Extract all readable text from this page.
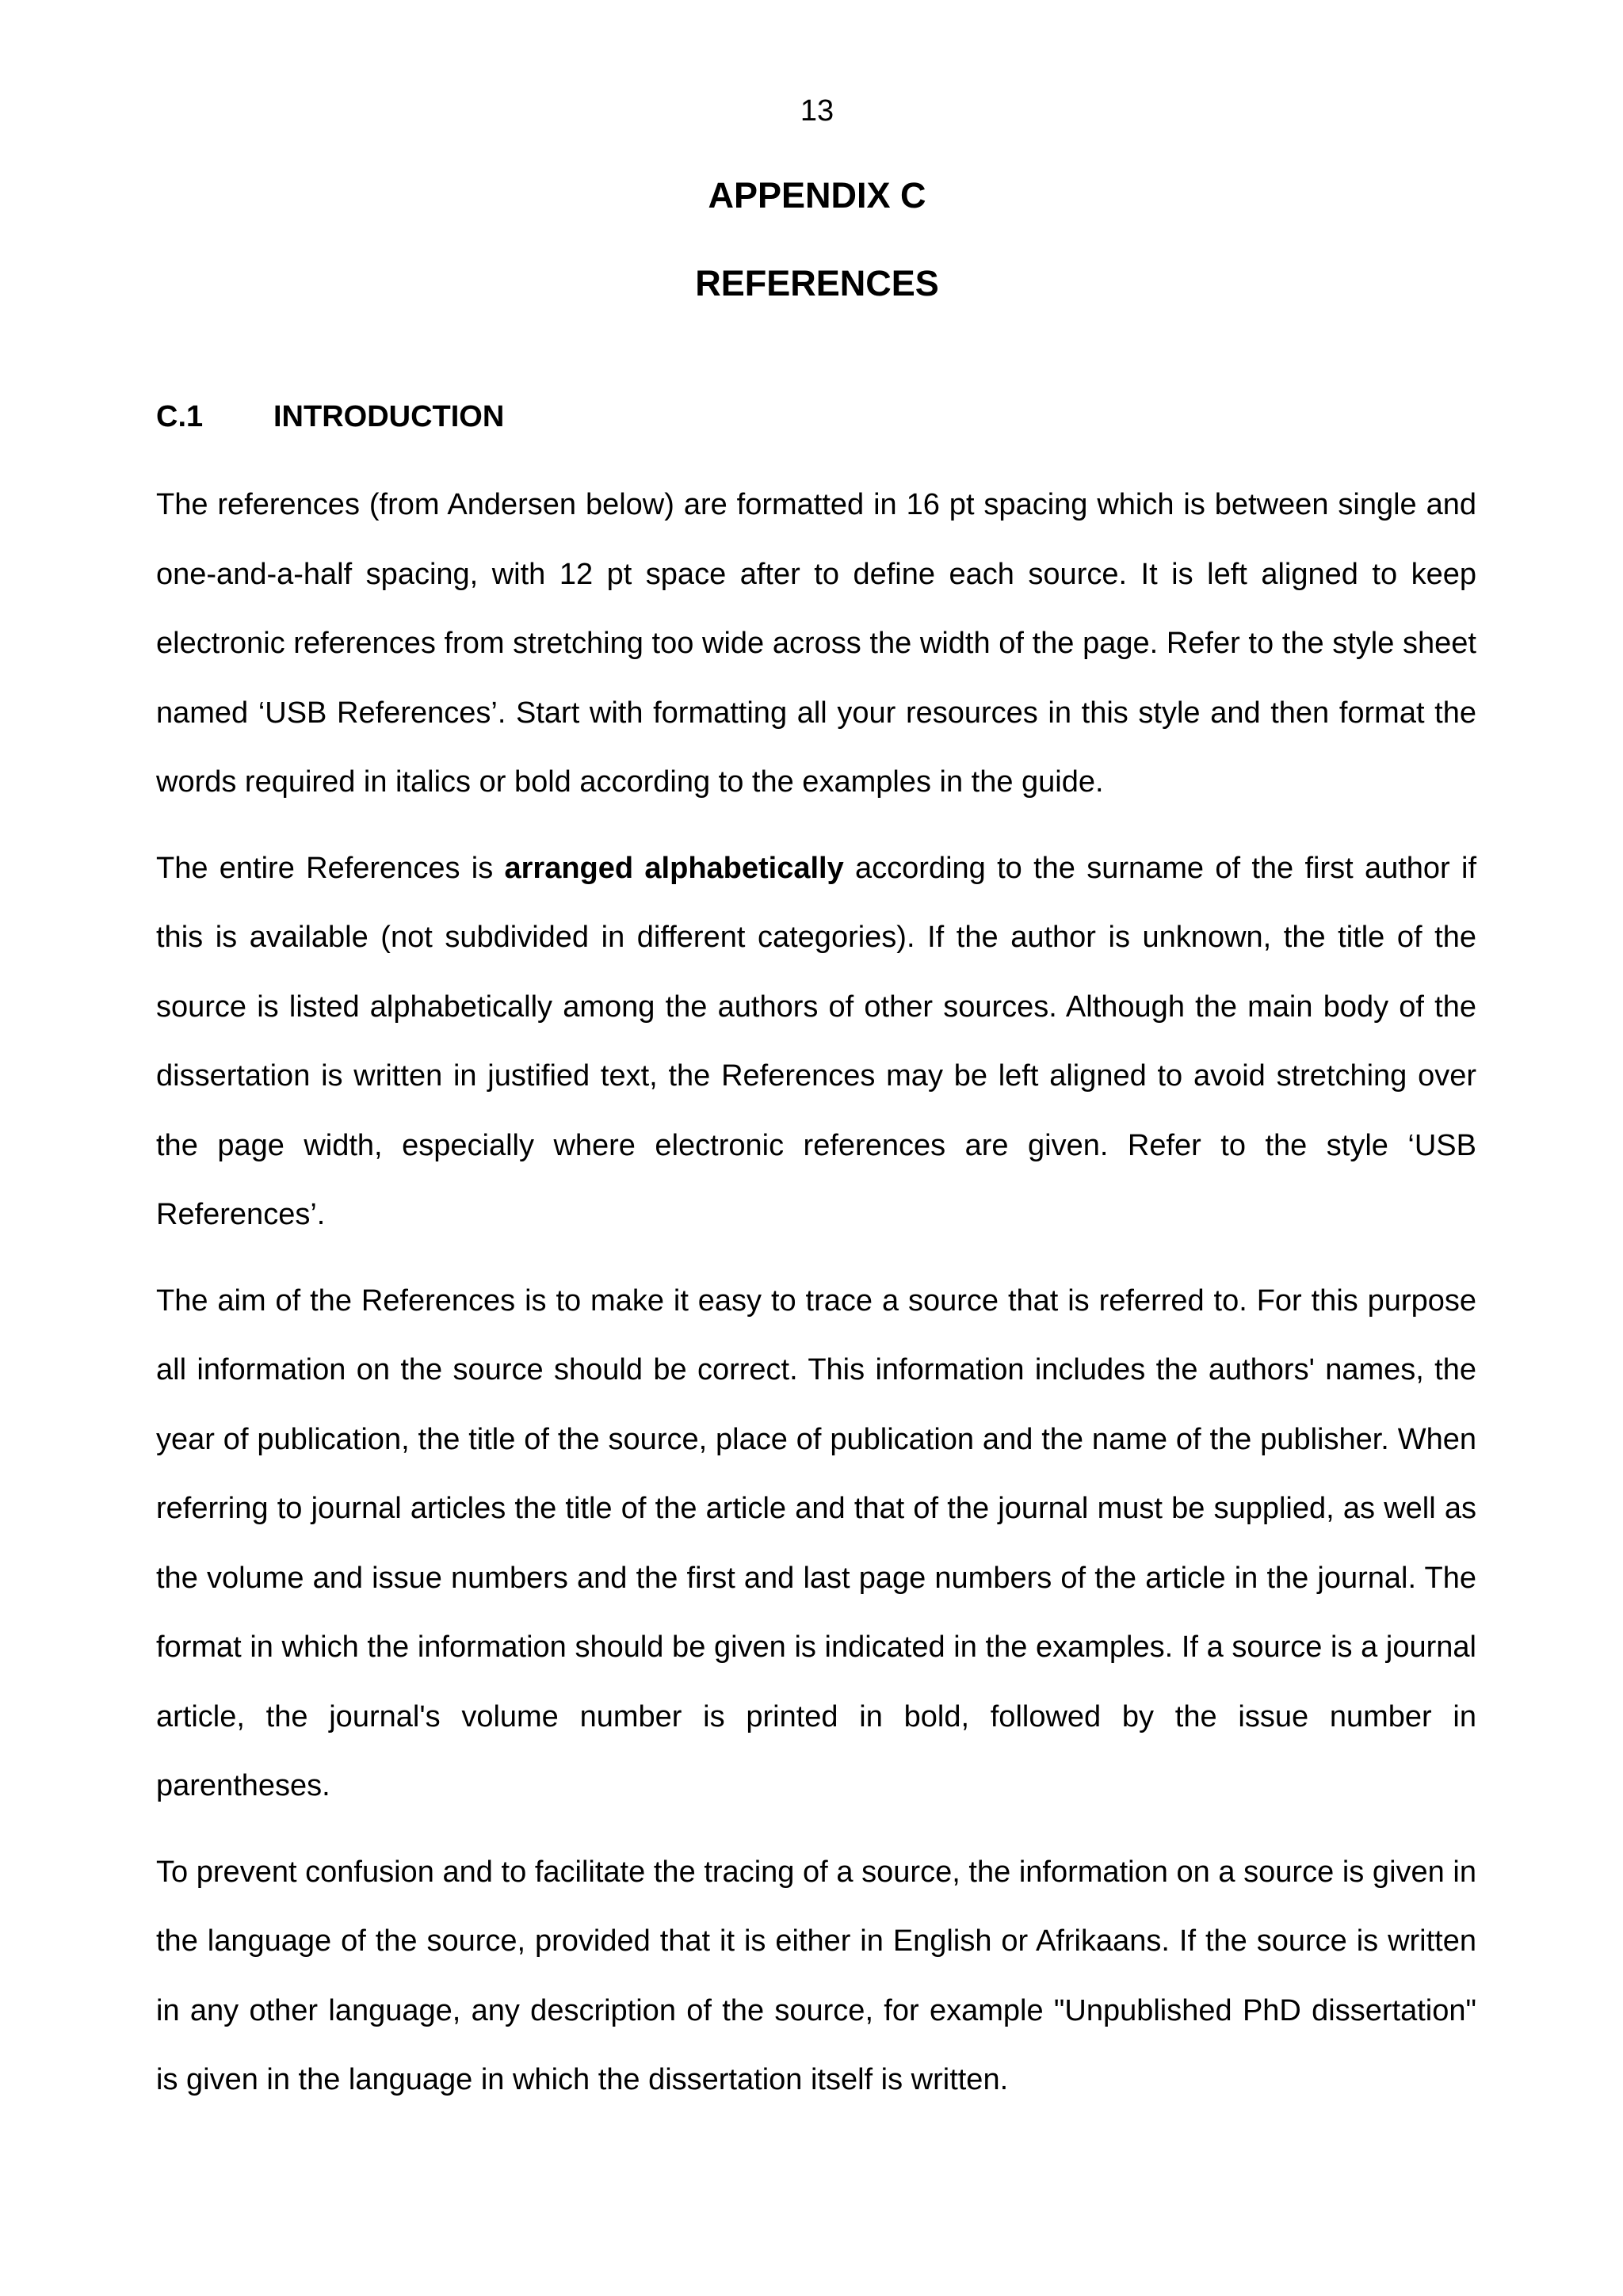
13
APPENDIX C
REFERENCES
C.1 INTRODUCTION

The references (from Andersen below) are formatted in 16 pt spacing which is between single and one-and-a-half spacing, with 12 pt space after to define each source. It is left aligned to keep electronic references from stretching too wide across the width of the page. Refer to the style sheet named ‘USB References’. Start with formatting all your resources in this style and then format the words required in italics or bold according to the examples in the guide.

The entire References is arranged alphabetically according to the surname of the first author if this is available (not subdivided in different categories). If the author is unknown, the title of the source is listed alphabetically among the authors of other sources. Although the main body of the dissertation is written in justified text, the References may be left aligned to avoid stretching over the page width, especially where electronic references are given. Refer to the style ‘USB References’.

The aim of the References is to make it easy to trace a source that is referred to. For this purpose all information on the source should be correct. This information includes the authors' names, the year of publication, the title of the source, place of publication and the name of the publisher. When referring to journal articles the title of the article and that of the journal must be supplied, as well as the volume and issue numbers and the first and last page numbers of the article in the journal. The format in which the information should be given is indicated in the examples. If a source is a journal article, the journal's volume number is printed in bold, followed by the issue number in parentheses.

To prevent confusion and to facilitate the tracing of a source, the information on a source is given in the language of the source, provided that it is either in English or Afrikaans. If the source is written in any other language, any description of the source, for example "Unpublished PhD dissertation" is given in the language in which the dissertation itself is written.
